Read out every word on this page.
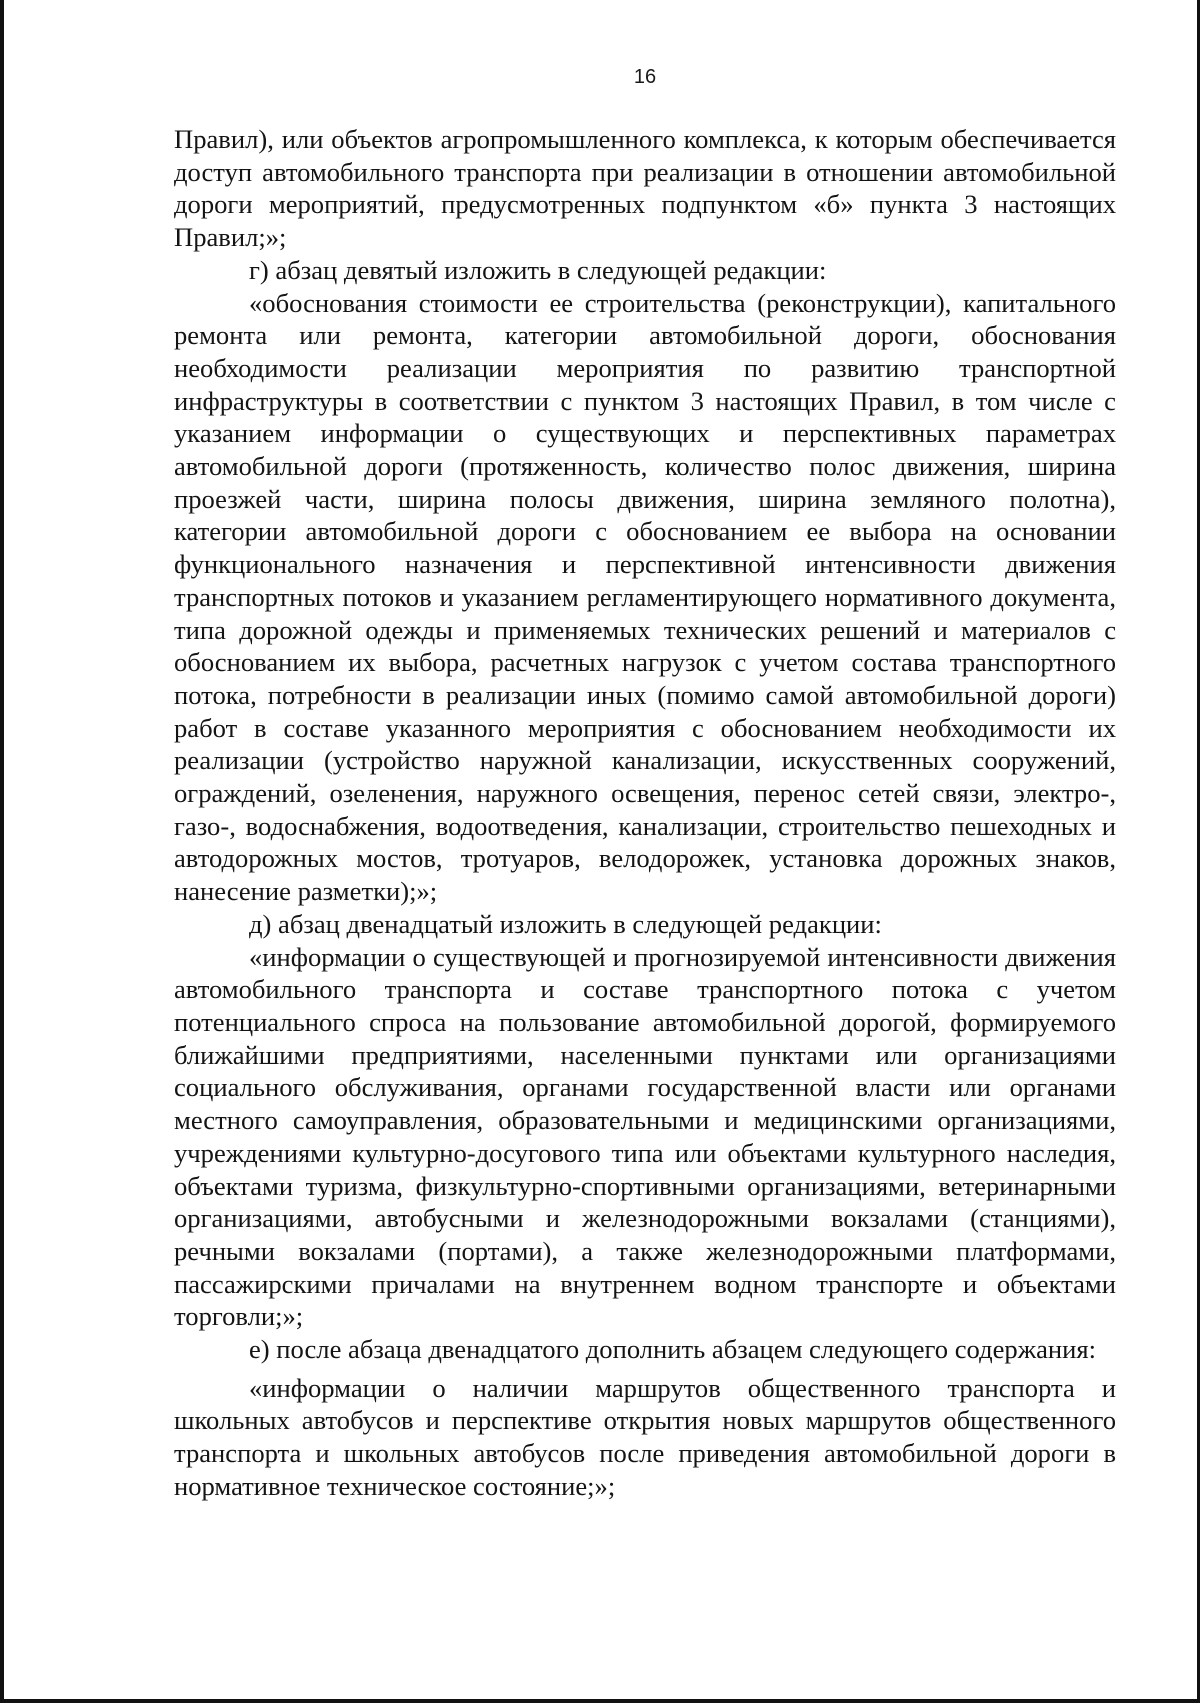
16

Правил), или объектов агропромышленного комплекса, к которым обеспечивается доступ автомобильного транспорта при реализации в отношении автомобильной дороги мероприятий, предусмотренных подпунктом «б» пункта 3 настоящих Правил;»;

г) абзац девятый изложить в следующей редакции:

«обоснования стоимости ее строительства (реконструкции), капитального ремонта или ремонта, категории автомобильной дороги, обоснования необходимости реализации мероприятия по развитию транспортной инфраструктуры в соответствии с пунктом 3 настоящих Правил, в том числе с указанием информации о существующих и перспективных параметрах автомобильной дороги (протяженность, количество полос движения, ширина проезжей части, ширина полосы движения, ширина земляного полотна), категории автомобильной дороги с обоснованием ее выбора на основании функционального назначения и перспективной интенсивности движения транспортных потоков и указанием регламентирующего нормативного документа, типа дорожной одежды и применяемых технических решений и материалов с обоснованием их выбора, расчетных нагрузок с учетом состава транспортного потока, потребности в реализации иных (помимо самой автомобильной дороги) работ в составе указанного мероприятия с обоснованием необходимости их реализации (устройство наружной канализации, искусственных сооружений, ограждений, озеленения, наружного освещения, перенос сетей связи, электро-, газо-, водоснабжения, водоотведения, канализации, строительство пешеходных и автодорожных мостов, тротуаров, велодорожек, установка дорожных знаков, нанесение разметки);»;

д) абзац двенадцатый изложить в следующей редакции:

«информации о существующей и прогнозируемой интенсивности движения автомобильного транспорта и составе транспортного потока с учетом потенциального спроса на пользование автомобильной дорогой, формируемого ближайшими предприятиями, населенными пунктами или организациями социального обслуживания, органами государственной власти или органами местного самоуправления, образовательными и медицинскими организациями, учреждениями культурно-досугового типа или объектами культурного наследия, объектами туризма, физкультурно-спортивными организациями, ветеринарными организациями, автобусными и железнодорожными вокзалами (станциями), речными вокзалами (портами), а также железнодорожными платформами, пассажирскими причалами на внутреннем водном транспорте и объектами торговли;»;

е) после абзаца двенадцатого дополнить абзацем следующего содержания:

«информации о наличии маршрутов общественного транспорта и школьных автобусов и перспективе открытия новых маршрутов общественного транспорта и школьных автобусов после приведения автомобильной дороги в нормативное техническое состояние;»;
